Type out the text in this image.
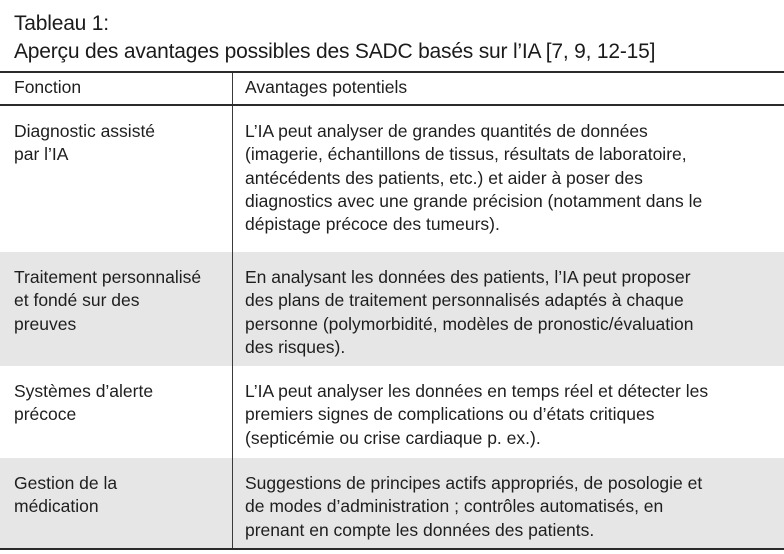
Tableau 1:
Aperçu des avantages possibles des SADC basés sur l’IA [7, 9, 12-15]
Fonction	Avantages potentiels
Diagnostic assisté
par l’IA
L’IA peut analyser de grandes quantités de données
(imagerie, échantillons de tissus, résultats de laboratoire,
antécédents des patients, etc.) et aider à poser des
diagnostics avec une grande précision (notamment dans le
dépistage précoce des tumeurs).
Traitement personnalisé
et fondé sur des
preuves
En analysant les données des patients, l’IA peut proposer
des plans de traitement personnalisés adaptés à chaque
personne (polymorbidité, modèles de pronostic/évaluation
des risques).
Systèmes d’alerte
précoce
L’IA peut analyser les données en temps réel et détecter les
premiers signes de complications ou d’états critiques
(septicémie ou crise cardiaque p. ex.).
Gestion de la
médication
Suggestions de principes actifs appropriés, de posologie et
de modes d’administration ; contrôles automatisés, en
prenant en compte les données des patients.
